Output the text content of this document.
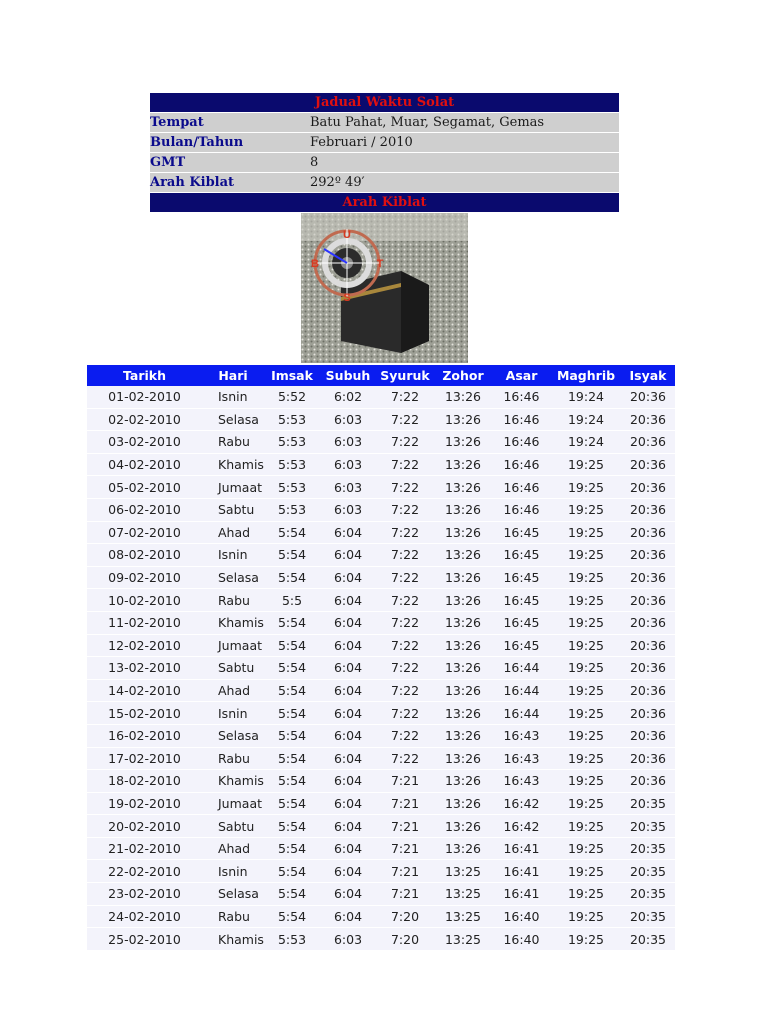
Jadual Waktu Solat	
Tempat	Batu Pahat, Muar, Segamat, Gemas
Bulan/Tahun	Februari / 2010
GMT	8
Arah Kiblat	292º 49′
Arah Kiblat	
U
S
B	T
Tarikh	Hari	Imsak	Subuh	Syuruk	Zohor	Asar	Maghrib	Isyak
01-02-2010	Isnin	5:52	6:02	7:22	13:26	16:46	19:24	20:36
02-02-2010	Selasa	5:53	6:03	7:22	13:26	16:46	19:24	20:36
03-02-2010	Rabu	5:53	6:03	7:22	13:26	16:46	19:24	20:36
04-02-2010	Khamis	5:53	6:03	7:22	13:26	16:46	19:25	20:36
05-02-2010	Jumaat	5:53	6:03	7:22	13:26	16:46	19:25	20:36
06-02-2010	Sabtu	5:53	6:03	7:22	13:26	16:46	19:25	20:36
07-02-2010	Ahad	5:54	6:04	7:22	13:26	16:45	19:25	20:36
08-02-2010	Isnin	5:54	6:04	7:22	13:26	16:45	19:25	20:36
09-02-2010	Selasa	5:54	6:04	7:22	13:26	16:45	19:25	20:36
10-02-2010	Rabu	5:5	6:04	7:22	13:26	16:45	19:25	20:36
11-02-2010	Khamis	5:54	6:04	7:22	13:26	16:45	19:25	20:36
12-02-2010	Jumaat	5:54	6:04	7:22	13:26	16:45	19:25	20:36
13-02-2010	Sabtu	5:54	6:04	7:22	13:26	16:44	19:25	20:36
14-02-2010	Ahad	5:54	6:04	7:22	13:26	16:44	19:25	20:36
15-02-2010	Isnin	5:54	6:04	7:22	13:26	16:44	19:25	20:36
16-02-2010	Selasa	5:54	6:04	7:22	13:26	16:43	19:25	20:36
17-02-2010	Rabu	5:54	6:04	7:22	13:26	16:43	19:25	20:36
18-02-2010	Khamis	5:54	6:04	7:21	13:26	16:43	19:25	20:36
19-02-2010	Jumaat	5:54	6:04	7:21	13:26	16:42	19:25	20:35
20-02-2010	Sabtu	5:54	6:04	7:21	13:26	16:42	19:25	20:35
21-02-2010	Ahad	5:54	6:04	7:21	13:26	16:41	19:25	20:35
22-02-2010	Isnin	5:54	6:04	7:21	13:25	16:41	19:25	20:35
23-02-2010	Selasa	5:54	6:04	7:21	13:25	16:41	19:25	20:35
24-02-2010	Rabu	5:54	6:04	7:20	13:25	16:40	19:25	20:35
25-02-2010	Khamis	5:53	6:03	7:20	13:25	16:40	19:25	20:35
